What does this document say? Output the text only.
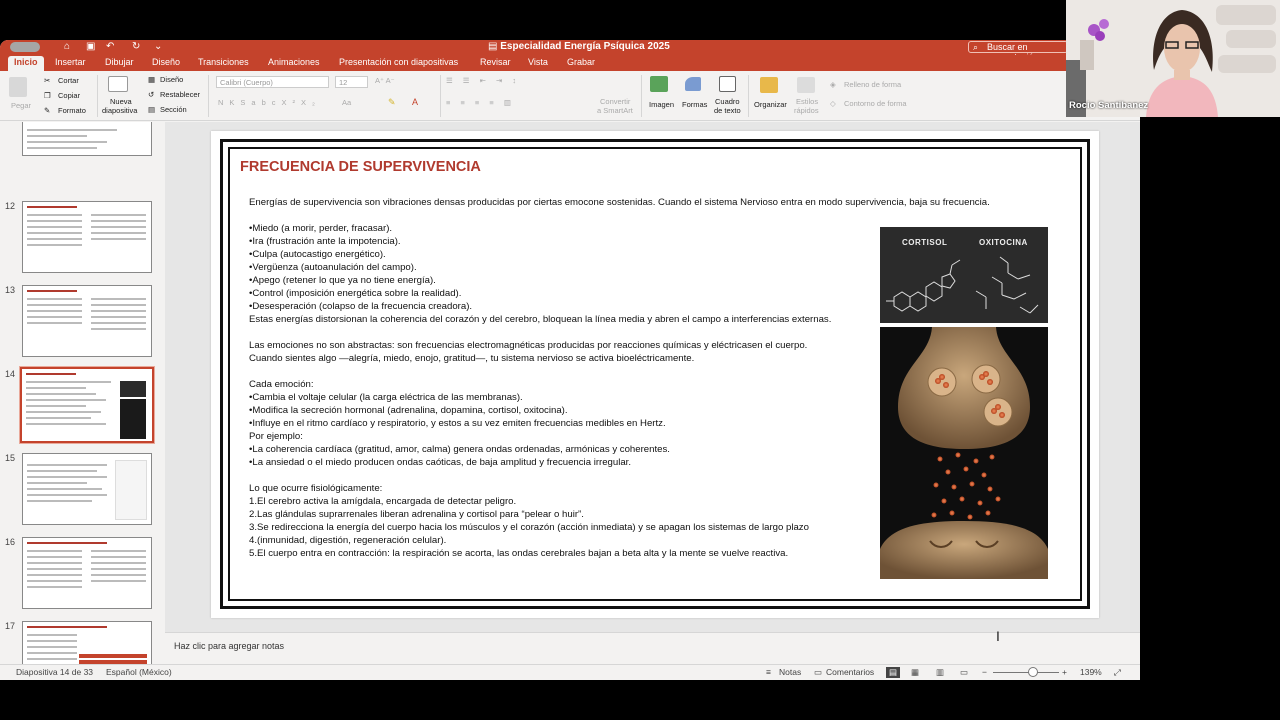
⌂ ▣ ↶ ↻ ⌄	▤ Especialidad Energía Psíquica 2025	⌕ Buscar en
Inicio	Insertar Dibujar Diseño Transiciones Animaciones Presentación con diapositivas Revisar Vista Grabar
Pegar
✂ Cortar
❐ Copiar
✎ Formato
Nueva
diapositiva
▦ Diseño
↺ Restablecer
▤ Sección
Calibri (Cuerpo)	12	A⁺ A⁻
NKSabcX²X₂	Aa	✎ A
☰ ☰ ⇤ ⇥ ↕
≡ ≡ ≡ ≡ ▥	Convertir
a SmartArt
Imagen Formas Cuadro
de texto
Organizar Estilos
rápidos
◈ Relleno de forma
◇ Contorno de forma
12
13
14
15
16
17
FRECUENCIA DE SUPERVIVENCIA
Energías de supervivencia son vibraciones densas producidas por ciertas emocone sostenidas. Cuando el sistema Nervioso entra en modo supervivencia, baja su frecuencia.
•Miedo (a morir, perder, fracasar).
•Ira (frustración ante la impotencia).
•Culpa (autocastigo energético).
•Vergüenza (autoanulación del campo).
•Apego (retener lo que ya no tiene energía).
•Control (imposición energética sobre la realidad).
•Desesperación (colapso de la frecuencia creadora).
Estas energías distorsionan la coherencia del corazón y del cerebro, bloquean la línea media y abren el campo a interferencias externas.
Las emociones no son abstractas: son frecuencias electromagnéticas producidas por reacciones químicas y eléctricasen el cuerpo.
Cuando sientes algo —alegría, miedo, enojo, gratitud—, tu sistema nervioso se activa bioeléctricamente.
Cada emoción:
•Cambia el voltaje celular (la carga eléctrica de las membranas).
•Modifica la secreción hormonal (adrenalina, dopamina, cortisol, oxitocina).
•Influye en el ritmo cardíaco y respiratorio, y estos a su vez emiten frecuencias medibles en Hertz.
Por ejemplo:
•La coherencia cardíaca (gratitud, amor, calma) genera ondas ordenadas, armónicas y coherentes.
•La ansiedad o el miedo producen ondas caóticas, de baja amplitud y frecuencia irregular.
Lo que ocurre fisiológicamente:
1.El cerebro activa la amígdala, encargada de detectar peligro.
2.Las glándulas suprarrenales liberan adrenalina y cortisol para “pelear o huir”.
3.Se redirecciona la energía del cuerpo hacia los músculos y el corazón (acción inmediata) y se apagan los sistemas de largo plazo
4.(inmunidad, digestión, regeneración celular).
5.El cuerpo entra en contracción: la respiración se acorta, las ondas cerebrales bajan a beta alta y la mente se vuelve reactiva.
CORTISOL	OXITOCINA
Haz clic para agregar notas
Diapositiva 14 de 33 Español (México)	≡ Notas ▭ Comentarios	▤	▦ ▥ ▭ −	+ 139% ⤢
Rocio Santibanez
I
